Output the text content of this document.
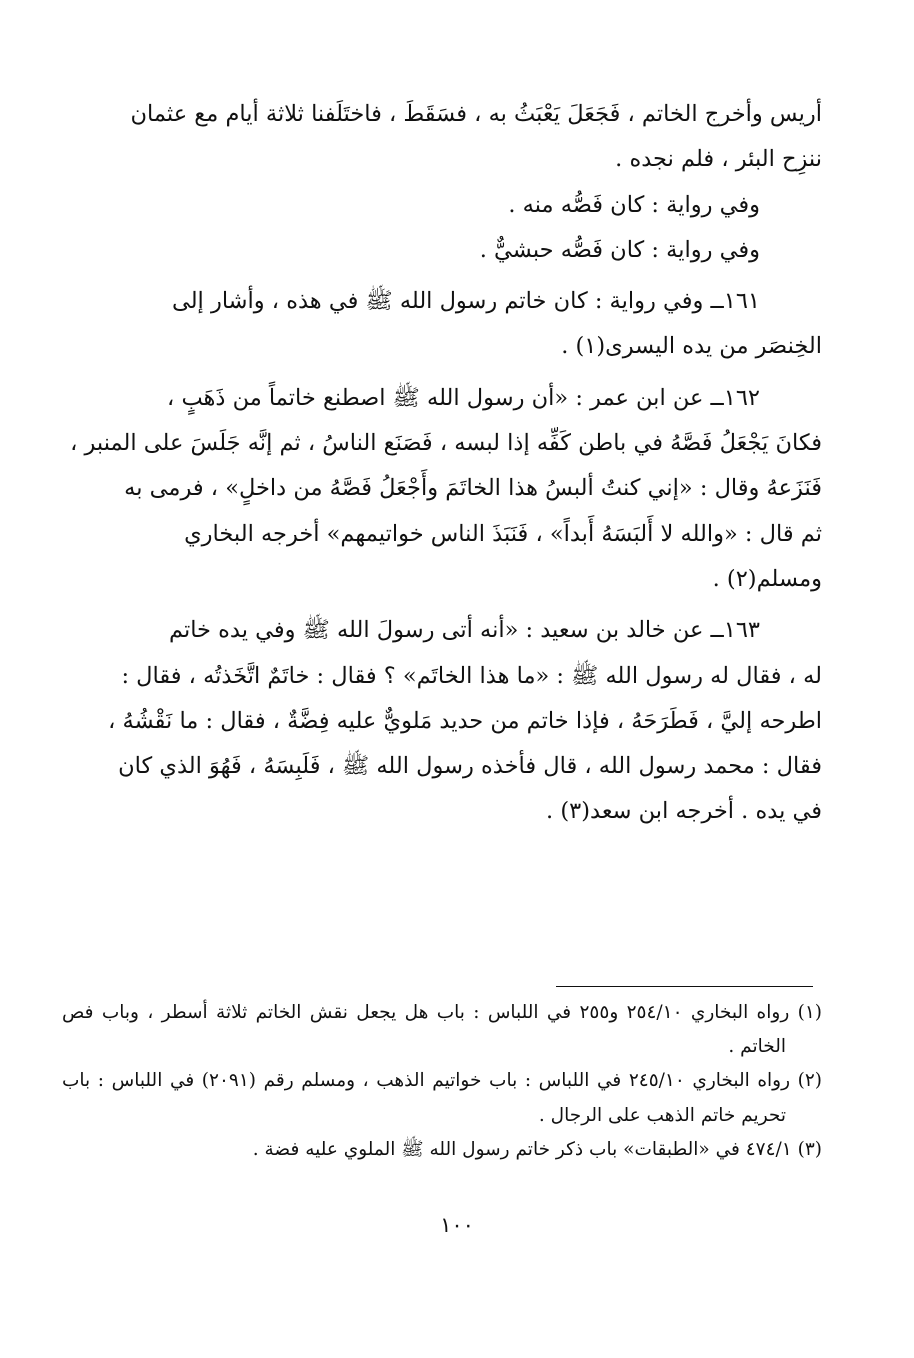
أريس وأخرج الخاتم ، فَجَعَلَ يَعْبَثُ به ، فسَقَطَ ، فاختَلَفنا ثلاثة أيام مع عثمان

ننزِح البئر ، فلم نجده .

وفي رواية : كان فَصُّه منه .

وفي رواية : كان فَصُّه حبشيٌّ .

١٦١ــ وفي رواية : كان خاتم رسول الله ﷺ في هذه ، وأشار إلى

الخِنصَر من يده اليسرى(١) .

١٦٢ــ عن ابن عمر : «أن رسول الله ﷺ اصطنع خاتماً من ذَهَبٍ ،

فكانَ يَجْعَلُ فَصَّهُ في باطن كَفِّه إذا لبسه ، فَصَنَع الناسُ ، ثم إنَّه جَلَسَ على المنبر ،

فَنَزَعهُ وقال : «إني كنتُ ألبسُ هذا الخاتَمَ وأَجْعَلُ فَصَّهُ من داخلٍ» ، فرمى به

ثم قال : «والله لا أَلبَسَهُ أَبداً» ، فَنَبَذَ الناس خواتيمهم» أخرجه البخاري

ومسلم(٢) .

١٦٣ــ عن خالد بن سعيد : «أنه أتى رسولَ الله ﷺ وفي يده خاتم

له ، فقال له رسول الله ﷺ : «ما هذا الخاتَم» ؟ فقال : خاتَمٌ اتَّخَذتُه ، فقال :

اطرحه إليَّ ، فَطَرَحَهُ ، فإذا خاتم من حديد مَلويٌّ عليه فِضَّةٌ ، فقال : ما نَقْشُهُ ،

فقال : محمد رسول الله ، قال فأخذه رسول الله ﷺ ، فَلَبِسَهُ ، فَهُوَ الذي كان

في يده . أخرجه ابن سعد(٣) .

(١) رواه البخاري ٢٥٤/١٠ و٢٥٥ في اللباس : باب هل يجعل نقش الخاتم ثلاثة أسطر ، وباب فص الخاتم .

(٢) رواه البخاري ٢٤٥/١٠ في اللباس : باب خواتيم الذهب ، ومسلم رقم (٢٠٩١) في اللباس : باب تحريم خاتم الذهب على الرجال .

(٣) ٤٧٤/١ في «الطبقات» باب ذكر خاتم رسول الله ﷺ الملوي عليه فضة .

١٠٠
